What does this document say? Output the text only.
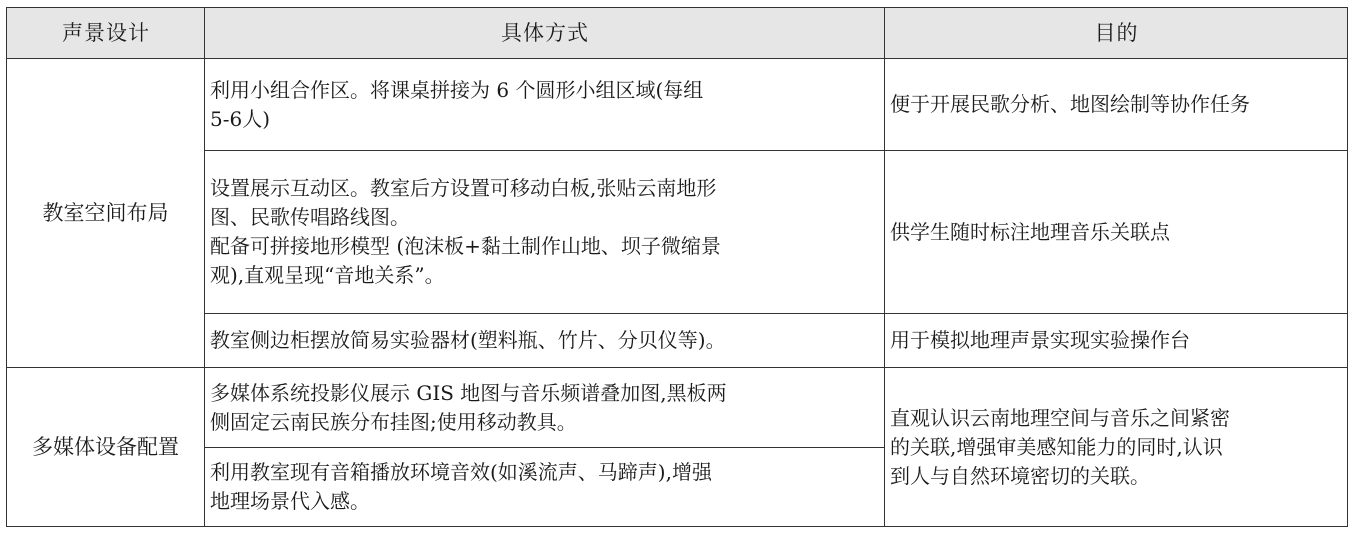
声景设计	具体方式	目的
教室空间布局	利用小组合作区。将课桌拼接为 6 个圆形小组区域(每组
5-6人)	便于开展民歌分析、地图绘制等协作任务

	设置展示互动区。教室后方设置可移动白板,张贴云南地形
图、民歌传唱路线图。
配备可拼接地形模型 (泡沫板+黏土制作山地、坝子微缩景
观),直观呈现“音地关系”。	供学生随时标注地理音乐关联点

	教室侧边柜摆放简易实验器材(塑料瓶、竹片、分贝仪等)。	用于模拟地理声景实现实验操作台

多媒体设备配置	多媒体系统投影仪展示 GIS 地图与音乐频谱叠加图,黑板两
侧固定云南民族分布挂图;使用移动教具。	直观认识云南地理空间与音乐之间紧密
的关联,增强审美感知能力的同时,认识
到人与自然环境密切的关联。

	利用教室现有音箱播放环境音效(如溪流声、马蹄声),增强
地理场景代入感。	
